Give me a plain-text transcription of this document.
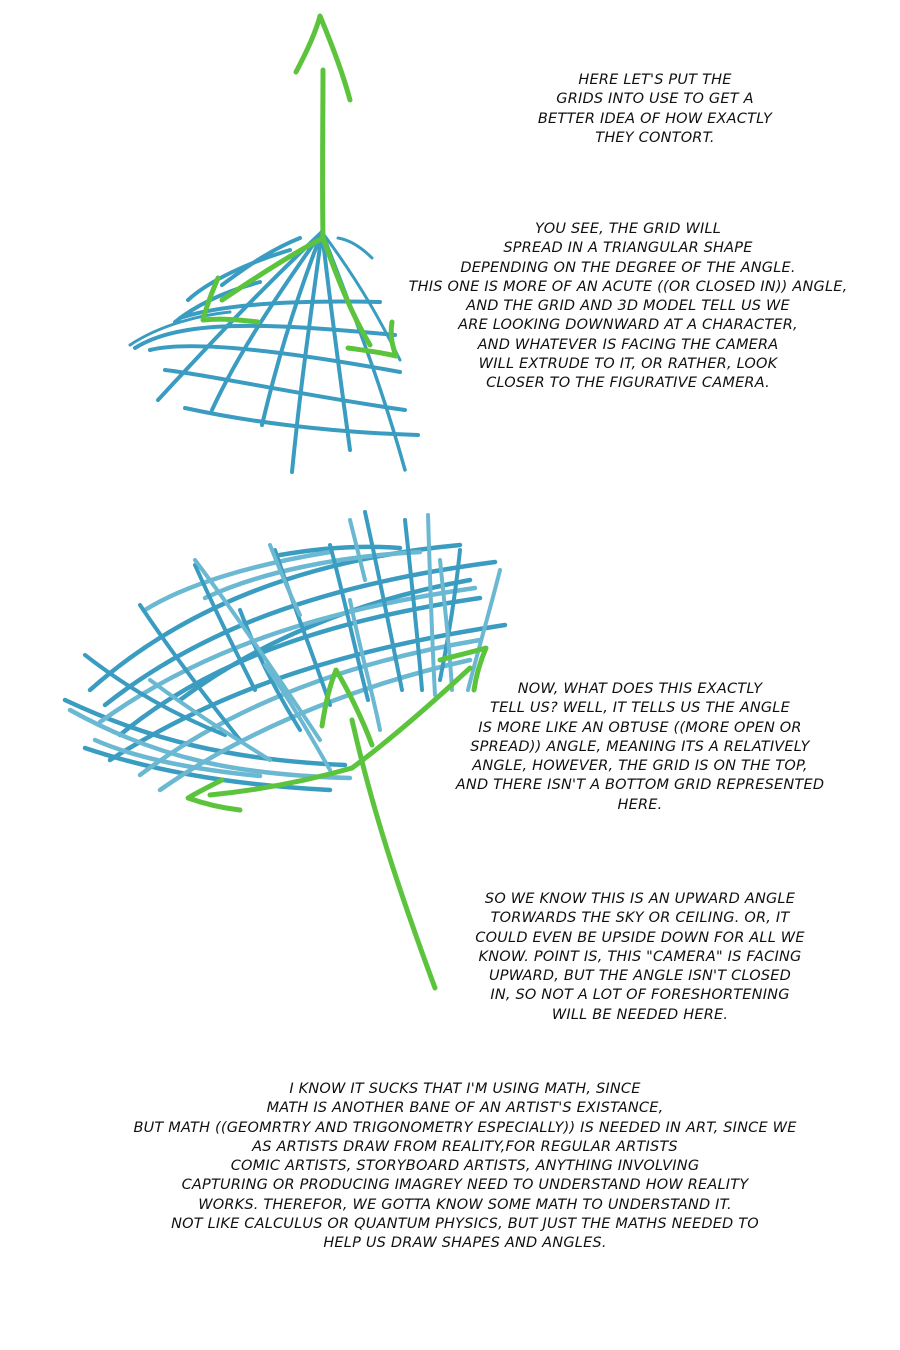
HERE LET'S PUT THE
GRIDS INTO USE TO GET A
BETTER IDEA OF HOW EXACTLY
THEY CONTORT.

YOU SEE, THE GRID WILL
SPREAD IN A TRIANGULAR SHAPE
DEPENDING ON THE DEGREE OF THE ANGLE.
THIS ONE IS MORE OF AN ACUTE ((OR CLOSED IN)) ANGLE,
AND THE GRID AND 3D MODEL TELL US WE
ARE LOOKING DOWNWARD AT A CHARACTER,
AND WHATEVER IS FACING THE CAMERA
WILL EXTRUDE TO IT, OR RATHER, LOOK
CLOSER TO THE FIGURATIVE CAMERA.

NOW, WHAT DOES THIS EXACTLY
TELL US? WELL, IT TELLS US THE ANGLE
IS MORE LIKE AN OBTUSE ((MORE OPEN OR
SPREAD)) ANGLE, MEANING ITS A RELATIVELY
ANGLE, HOWEVER, THE GRID IS ON THE TOP,
AND THERE ISN'T A BOTTOM GRID REPRESENTED
HERE.

SO WE KNOW THIS IS AN UPWARD ANGLE
TORWARDS THE SKY OR CEILING. OR, IT
COULD EVEN BE UPSIDE DOWN FOR ALL WE
KNOW. POINT IS, THIS "CAMERA" IS FACING
UPWARD, BUT THE ANGLE ISN'T CLOSED
IN, SO NOT A LOT OF FORESHORTENING
WILL BE NEEDED HERE.

I KNOW IT SUCKS THAT I'M USING MATH, SINCE
MATH IS ANOTHER BANE OF AN ARTIST'S EXISTANCE,
BUT MATH ((GEOMRTRY AND TRIGONOMETRY ESPECIALLY)) IS NEEDED IN ART, SINCE WE
AS ARTISTS DRAW FROM REALITY,FOR REGULAR ARTISTS
COMIC ARTISTS, STORYBOARD ARTISTS, ANYTHING INVOLVING
CAPTURING OR PRODUCING IMAGREY NEED TO UNDERSTAND HOW REALITY
WORKS. THEREFOR, WE GOTTA KNOW SOME MATH TO UNDERSTAND IT.
NOT LIKE CALCULUS OR QUANTUM PHYSICS, BUT JUST THE MATHS NEEDED TO
HELP US DRAW SHAPES AND ANGLES.
